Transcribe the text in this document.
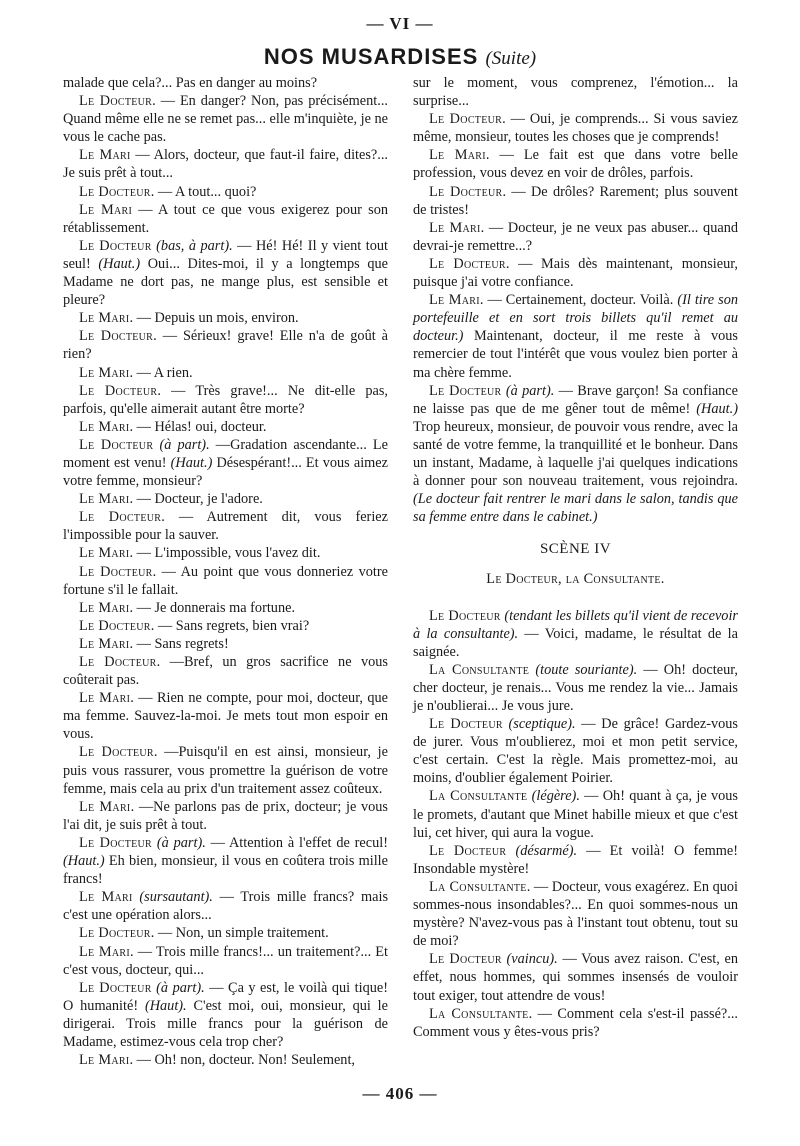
— VI —
NOS MUSARDISES (Suite)

malade que cela?... Pas en danger au moins?

Le Docteur. — En danger? Non, pas précisément... Quand même elle ne se remet pas... elle m'inquiète, je ne vous le cache pas.

Le Mari — Alors, docteur, que faut-il faire, dites?... Je suis prêt à tout...

Le Docteur. — A tout... quoi?

Le Mari — A tout ce que vous exigerez pour son rétablissement.

Le Docteur (bas, à part). — Hé! Hé! Il y vient tout seul! (Haut.) Oui... Dites-moi, il y a longtemps que Madame ne dort pas, ne mange plus, est sensible et pleure?

Le Mari. — Depuis un mois, environ.

Le Docteur. — Sérieux! grave! Elle n'a de goût à rien?

Le Mari. — A rien.

Le Docteur. — Très grave!... Ne dit-elle pas, parfois, qu'elle aimerait autant être morte?

Le Mari. — Hélas! oui, docteur.

Le Docteur (à part). —Gradation ascendante... Le moment est venu! (Haut.) Désespérant!... Et vous aimez votre femme, monsieur?

Le Mari. — Docteur, je l'adore.

Le Docteur. — Autrement dit, vous feriez l'impossible pour la sauver.

Le Mari. — L'impossible, vous l'avez dit.

Le Docteur. — Au point que vous donneriez votre fortune s'il le fallait.

Le Mari. — Je donnerais ma fortune.

Le Docteur. — Sans regrets, bien vrai?

Le Mari. — Sans regrets!

Le Docteur. —Bref, un gros sacrifice ne vous coûterait pas.

Le Mari. — Rien ne compte, pour moi, docteur, que ma femme. Sauvez-la-moi. Je mets tout mon espoir en vous.

Le Docteur. —Puisqu'il en est ainsi, monsieur, je puis vous rassurer, vous promettre la guérison de votre femme, mais cela au prix d'un traitement assez coûteux.

Le Mari. —Ne parlons pas de prix, docteur; je vous l'ai dit, je suis prêt à tout.

Le Docteur (à part). — Attention à l'effet de recul! (Haut.) Eh bien, monsieur, il vous en coûtera trois mille francs!

Le Mari (sursautant). — Trois mille francs? mais c'est une opération alors...

Le Docteur. — Non, un simple traitement.

Le Mari. — Trois mille francs!... un traitement?... Et c'est vous, docteur, qui...

Le Docteur (à part). — Ça y est, le voilà qui tique! O humanité! (Haut). C'est moi, oui, monsieur, qui le dirigerai. Trois mille francs pour la guérison de Madame, estimez-vous cela trop cher?

Le Mari. — Oh! non, docteur. Non! Seulement,

sur le moment, vous comprenez, l'émotion... la surprise...

Le Docteur. — Oui, je comprends... Si vous saviez même, monsieur, toutes les choses que je comprends!

Le Mari. — Le fait est que dans votre belle profession, vous devez en voir de drôles, parfois.

Le Docteur. — De drôles? Rarement; plus souvent de tristes!

Le Mari. — Docteur, je ne veux pas abuser... quand devrai-je remettre...?

Le Docteur. — Mais dès maintenant, monsieur, puisque j'ai votre confiance.

Le Mari. — Certainement, docteur. Voilà. (Il tire son portefeuille et en sort trois billets qu'il remet au docteur.) Maintenant, docteur, il me reste à vous remercier de tout l'intérêt que vous voulez bien porter à ma chère femme.

Le Docteur (à part). — Brave garçon! Sa confiance ne laisse pas que de me gêner tout de même! (Haut.) Trop heureux, monsieur, de pouvoir vous rendre, avec la santé de votre femme, la tranquillité et le bonheur. Dans un instant, Madame, à laquelle j'ai quelques indications à donner pour son nouveau traitement, vous rejoindra. (Le docteur fait rentrer le mari dans le salon, tandis que sa femme entre dans le cabinet.)

SCÈNE IV

Le Docteur, la Consultante.

Le Docteur (tendant les billets qu'il vient de recevoir à la consultante). — Voici, madame, le résultat de la saignée.

La Consultante (toute souriante). — Oh! docteur, cher docteur, je renais... Vous me rendez la vie... Jamais je n'oublierai... Je vous jure.

Le Docteur (sceptique). — De grâce! Gardez-vous de jurer. Vous m'oublierez, moi et mon petit service, c'est certain. C'est la règle. Mais promettez-moi, au moins, d'oublier également Poirier.

La Consultante (légère). — Oh! quant à ça, je vous le promets, d'autant que Minet habille mieux et que c'est lui, cet hiver, qui aura la vogue.

Le Docteur (désarmé). — Et voilà! O femme! Insondable mystère!

La Consultante. — Docteur, vous exagérez. En quoi sommes-nous insondables?... En quoi sommes-nous un mystère? N'avez-vous pas à l'instant tout obtenu, tout su de moi?

Le Docteur (vaincu). — Vous avez raison. C'est, en effet, nous hommes, qui sommes insensés de vouloir tout exiger, tout attendre de vous!

La Consultante. — Comment cela s'est-il passé?... Comment vous y êtes-vous pris?

— 406 —
